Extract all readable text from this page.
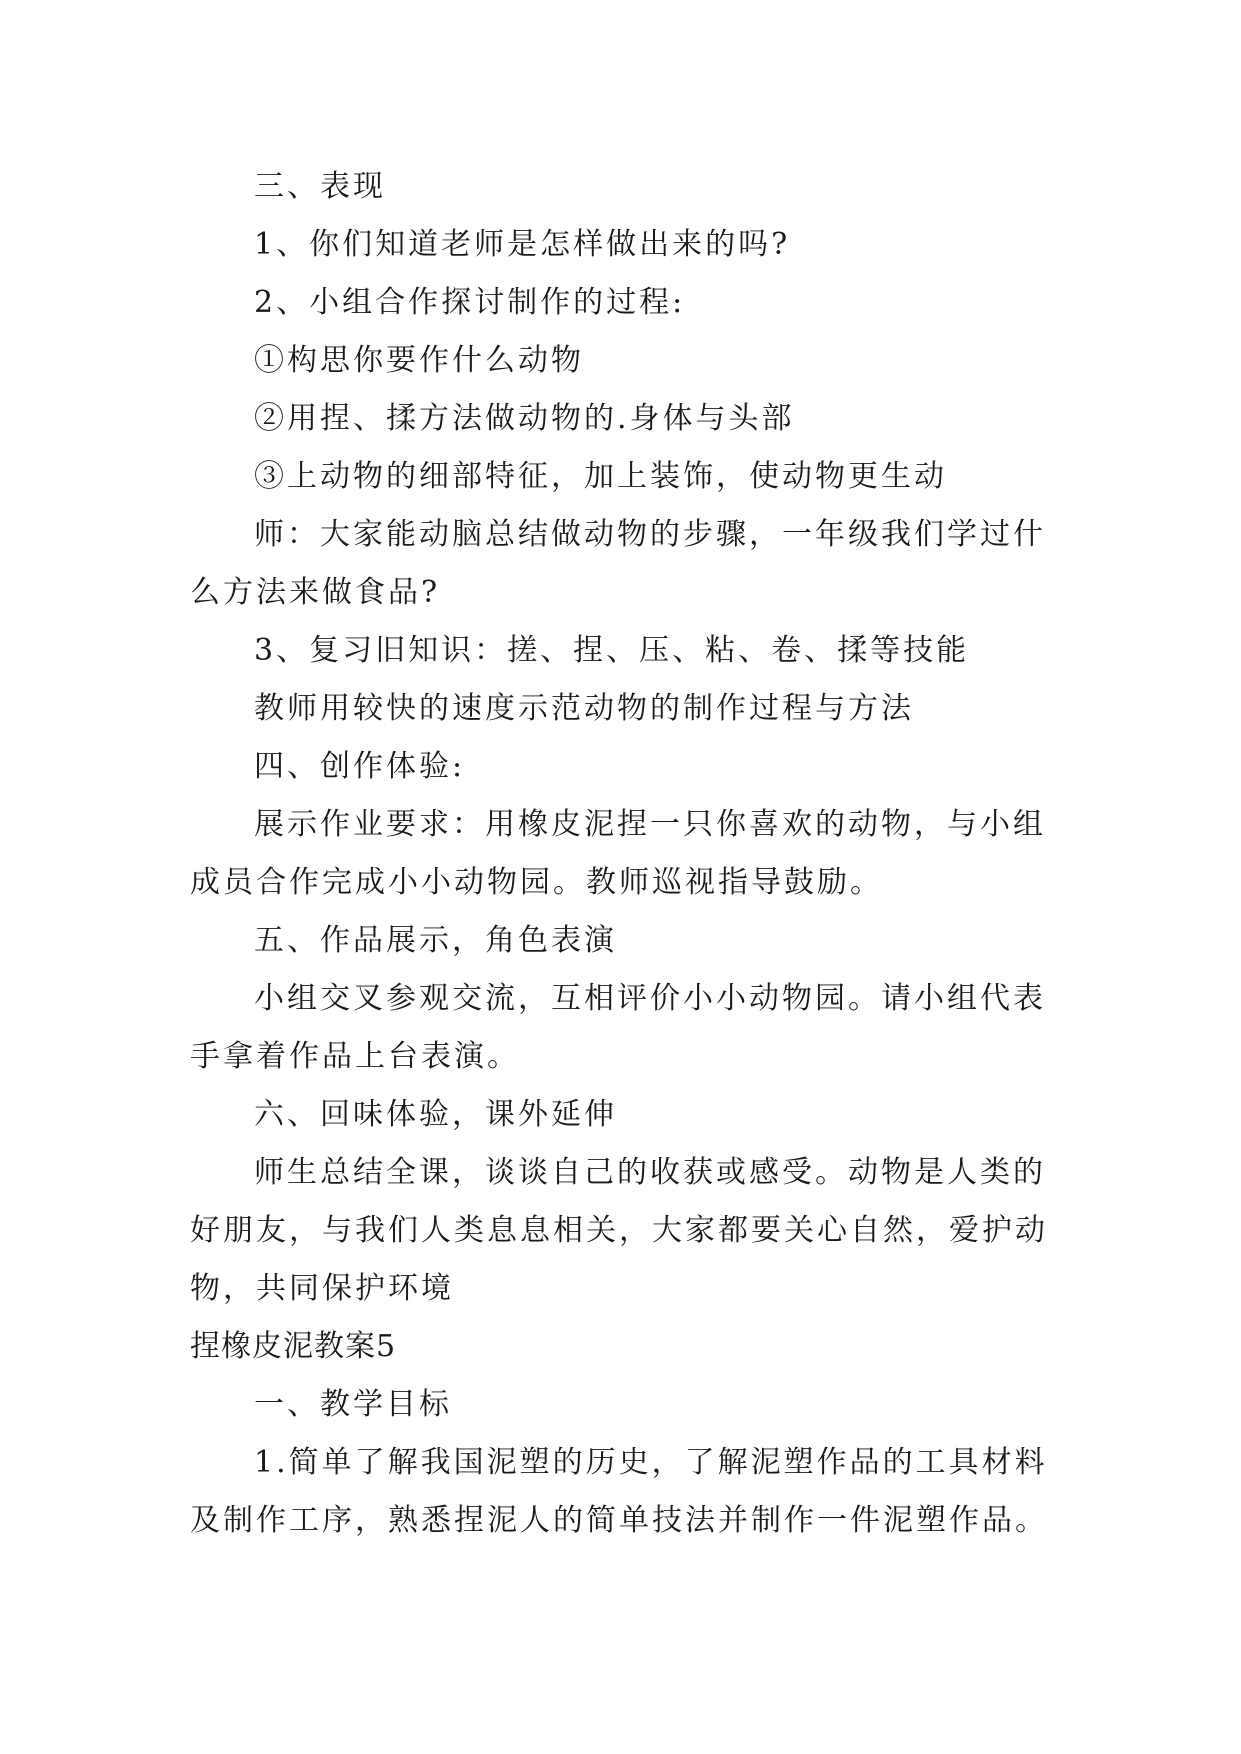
三、表现
1、你们知道老师是怎样做出来的吗?
2、小组合作探讨制作的过程:
①构思你要作什么动物
②用捏、揉方法做动物的.身体与头部
③上动物的细部特征，加上装饰，使动物更生动
师：大家能动脑总结做动物的步骤，一年级我们学过什
么方法来做食品?
3、复习旧知识：搓、捏、压、粘、卷、揉等技能
教师用较快的速度示范动物的制作过程与方法
四、创作体验:
展示作业要求：用橡皮泥捏一只你喜欢的动物，与小组
成员合作完成小小动物园。教师巡视指导鼓励。
五、作品展示，角色表演
小组交叉参观交流，互相评价小小动物园。请小组代表
手拿着作品上台表演。
六、回味体验，课外延伸
师生总结全课，谈谈自己的收获或感受。动物是人类的
好朋友，与我们人类息息相关，大家都要关心自然，爱护动
物，共同保护环境
捏橡皮泥教案5
一、教学目标
1.简单了解我国泥塑的历史，了解泥塑作品的工具材料
及制作工序，熟悉捏泥人的简单技法并制作一件泥塑作品。
